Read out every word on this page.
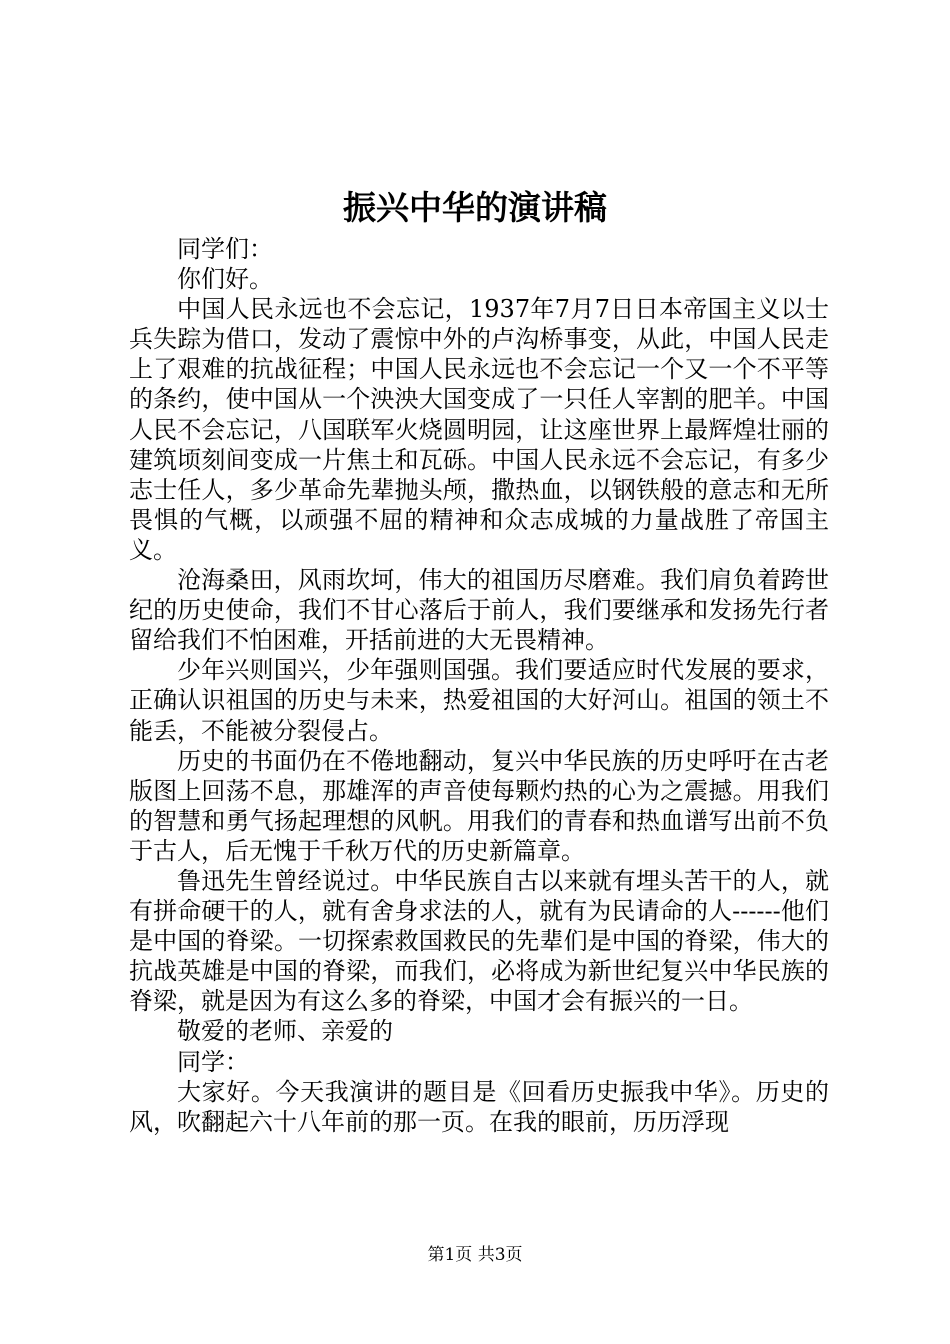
振兴中华的演讲稿

同学们：

你们好。

中国人民永远也不会忘记，1937年7月7日日本帝国主义以士兵失踪为借口，发动了震惊中外的卢沟桥事变，从此，中国人民走上了艰难的抗战征程；中国人民永远也不会忘记一个又一个不平等的条约，使中国从一个泱泱大国变成了一只任人宰割的肥羊。中国人民不会忘记，八国联军火烧圆明园，让这座世界上最辉煌壮丽的建筑顷刻间变成一片焦土和瓦砾。中国人民永远不会忘记，有多少志士任人，多少革命先辈抛头颅，撒热血，以钢铁般的意志和无所畏惧的气概，以顽强不屈的精神和众志成城的力量战胜了帝国主义。

沧海桑田，风雨坎坷，伟大的祖国历尽磨难。我们肩负着跨世纪的历史使命，我们不甘心落后于前人，我们要继承和发扬先行者留给我们不怕困难，开括前进的大无畏精神。

少年兴则国兴，少年强则国强。我们要适应时代发展的要求，正确认识祖国的历史与未来，热爱祖国的大好河山。祖国的领土不能丢，不能被分裂侵占。

历史的书面仍在不倦地翻动，复兴中华民族的历史呼吁在古老版图上回荡不息，那雄浑的声音使每颗灼热的心为之震撼。用我们的智慧和勇气扬起理想的风帆。用我们的青春和热血谱写出前不负于古人，后无愧于千秋万代的历史新篇章。

鲁迅先生曾经说过。中华民族自古以来就有埋头苦干的人，就有拼命硬干的人，就有舍身求法的人，就有为民请命的人------他们是中国的脊梁。一切探索救国救民的先辈们是中国的脊梁，伟大的抗战英雄是中国的脊梁，而我们，必将成为新世纪复兴中华民族的脊梁，就是因为有这么多的脊梁，中国才会有振兴的一日。

敬爱的老师、亲爱的

同学：

大家好。今天我演讲的题目是《回看历史振我中华》。历史的风，吹翻起六十八年前的那一页。在我的眼前，历历浮现

第1页 共3页
